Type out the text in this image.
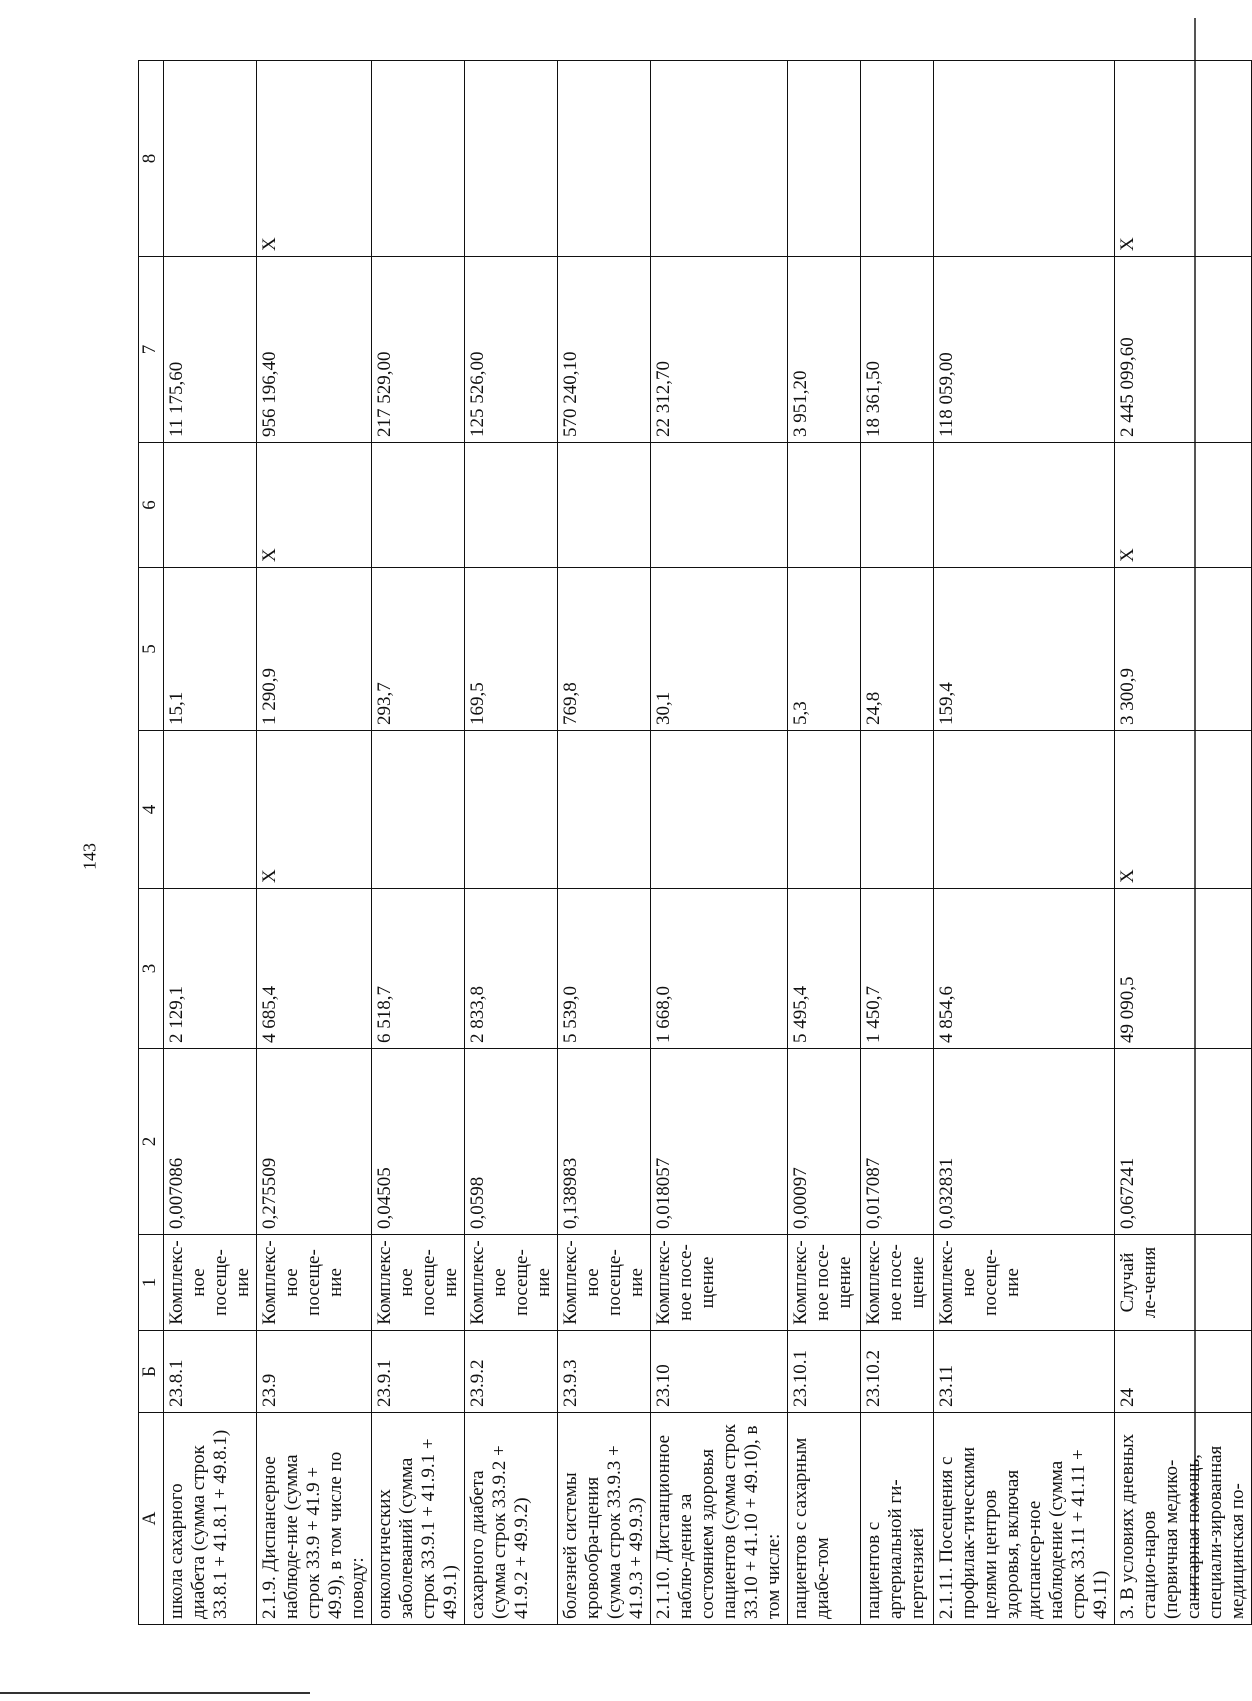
143
А	Б	1	2	3	4	5	6	7	8
школа сахарного диабета (сумма строк 33.8.1 + 41.8.1 + 49.8.1)	23.8.1	Комплекс-ное посеще-ние	0,007086	2 129,1		15,1		11 175,60	
2.1.9. Диспансерное наблюде-ние (сумма строк 33.9 + 41.9 + 49.9), в том числе по поводу:	23.9	Комплекс-ное посеще-ние	0,275509	4 685,4	Х	1 290,9	Х	956 196,40	Х
онкологических заболеваний (сумма строк 33.9.1 + 41.9.1 + 49.9.1)	23.9.1	Комплекс-ное посеще-ние	0,04505	6 518,7		293,7		217 529,00	
сахарного диабета (сумма строк 33.9.2 + 41.9.2 + 49.9.2)	23.9.2	Комплекс-ное посеще-ние	0,0598	2 833,8		169,5		125 526,00	
болезней системы кровообра-щения (сумма строк 33.9.3 + 41.9.3 + 49.9.3)	23.9.3	Комплекс-ное посеще-ние	0,138983	5 539,0		769,8		570 240,10	
2.1.10. Дистанционное наблю-дение за состоянием здоровья пациентов (сумма строк 33.10 + 41.10 + 49.10), в том числе:	23.10	Комплекс-ное посе-щение	0,018057	1 668,0		30,1		22 312,70	
пациентов с сахарным диабе-том	23.10.1	Комплекс-ное посе-щение	0,00097	5 495,4		5,3		3 951,20	
пациентов с артериальной ги-пертензией	23.10.2	Комплекс-ное посе-щение	0,017087	1 450,7		24,8		18 361,50	
2.1.11. Посещения с профилак-тическими целями центров здоровья, включая диспансер-ное наблюдение (сумма строк 33.11 + 41.11 + 49.11)	23.11	Комплекс-ное посеще-ние	0,032831	4 854,6		159,4		118 059,00	
3. В условиях дневных стацио-наров (первичная медико-санитарная помощь, специали-зированная медицинская по-	24	Случай ле-чения	0,067241	49 090,5	Х	3 300,9	Х	2 445 099,60	Х
